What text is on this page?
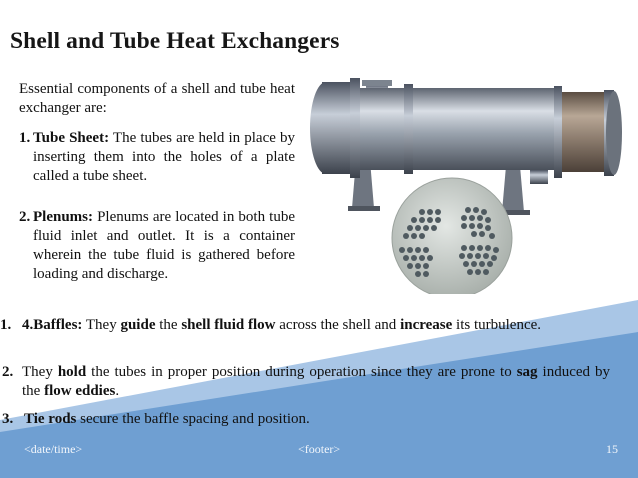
Shell and Tube Heat Exchangers
Essential components of a shell and tube heat exchanger are:
1. Tube Sheet: The tubes are held in place by inserting them into the holes of a plate called a tube sheet.
2. Plenums: Plenums are located in both tube fluid inlet and outlet. It is a container wherein the tube fluid is gathered before loading and discharge.
1. 4.Baffles: They guide the shell fluid flow across the shell and increase its turbulence.
2. They hold the tubes in proper position during operation since they are prone to sag induced by the flow eddies.
3. Tie rods secure the baffle spacing and position.
<date/time>	<footer>	15
